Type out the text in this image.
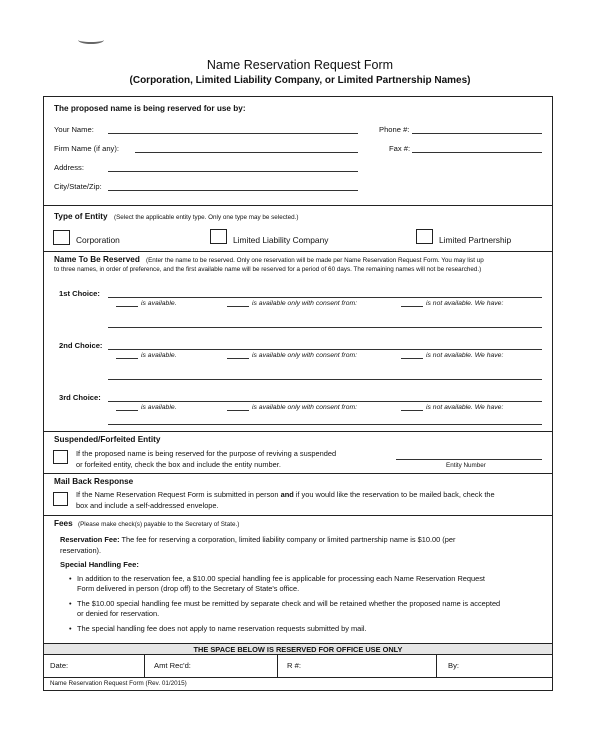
Name Reservation Request Form
(Corporation, Limited Liability Company, or Limited Partnership Names)
The proposed name is being reserved for use by:
Your Name:	Phone #:
Firm Name (if any):	Fax #:
Address:
City/State/Zip:
Type of Entity (Select the applicable entity type. Only one type may be selected.)
Corporation	Limited Liability Company	Limited Partnership
Name To Be Reserved (Enter the name to be reserved. Only one reservation will be made per Name Reservation Request Form. You may list up
to three names, in order of preference, and the first available name will be reserved for a period of 60 days. The remaining names will not be researched.)
1st Choice:
is available.	is available only with consent from:	is not available. We have:
2nd Choice:
is available.	is available only with consent from:	is not available. We have:
3rd Choice:
is available.	is available only with consent from:	is not available. We have:
Suspended/Forfeited Entity
If the proposed name is being reserved for the purpose of reviving a suspended
or forfeited entity, check the box and include the entity number.	Entity Number
Mail Back Response
If the Name Reservation Request Form is submitted in person and if you would like the reservation to be mailed back, check the
box and include a self-addressed envelope.
Fees (Please make check(s) payable to the Secretary of State.)
Reservation Fee: The fee for reserving a corporation, limited liability company or limited partnership name is $10.00 (per
reservation).
Special Handling Fee:
• In addition to the reservation fee, a $10.00 special handling fee is applicable for processing each Name Reservation Request
Form delivered in person (drop off) to the Secretary of State's office.
• The $10.00 special handling fee must be remitted by separate check and will be retained whether the proposed name is accepted
or denied for reservation.
• The special handling fee does not apply to name reservation requests submitted by mail.
THE SPACE BELOW IS RESERVED FOR OFFICE USE ONLY
Date:	Amt Rec'd:	R #:	By:
Name Reservation Request Form (Rev. 01/2015)
